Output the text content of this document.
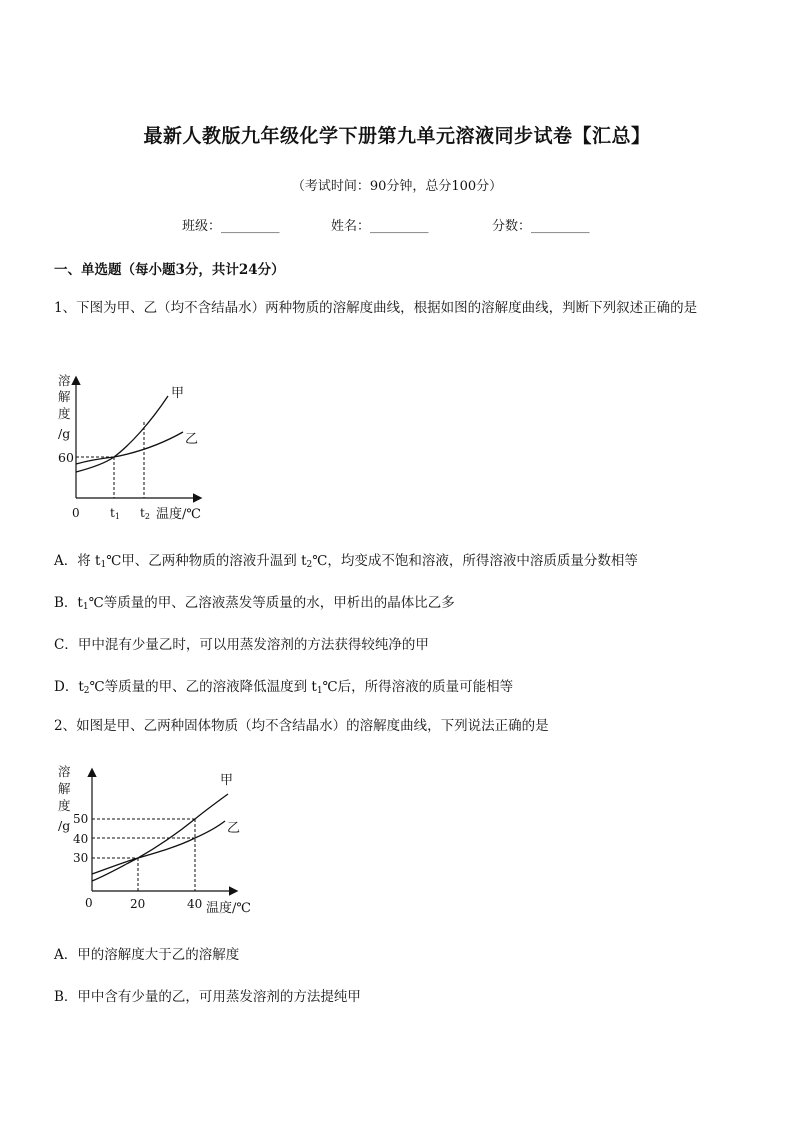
最新人教版九年级化学下册第九单元溶液同步试卷【汇总】
（考试时间：90分钟，总分100分）
班级：_________	姓名：_________	分数：_________
一、单选题（每小题3分，共计24分）
1、下图为甲、乙（均不含结晶水）两种物质的溶解度曲线，根据如图的溶解度曲线，判断下列叙述正确的是
溶
解
度
/g
60
甲
乙
0	t1 t2 温度/℃
A．将 $t_1℃$甲、乙两种物质的溶液升温到 $t_2℃$，均变成不饱和溶液，所得溶液中溶质质量分数相等
B．$t_1℃$等质量的甲、乙溶液蒸发等质量的水，甲析出的晶体比乙多
C．甲中混有少量乙时，可以用蒸发溶剂的方法获得较纯净的甲
D．$t_2℃$等质量的甲、乙的溶液降低温度到 $t_1℃$后，所得溶液的质量可能相等
2、如图是甲、乙两种固体物质（均不含结晶水）的溶解度曲线，下列说法正确的是
溶
解
度
/g 50
40
30
甲
乙
0	20	40 温度/℃
A．甲的溶解度大于乙的溶解度
B．甲中含有少量的乙，可用蒸发溶剂的方法提纯甲
